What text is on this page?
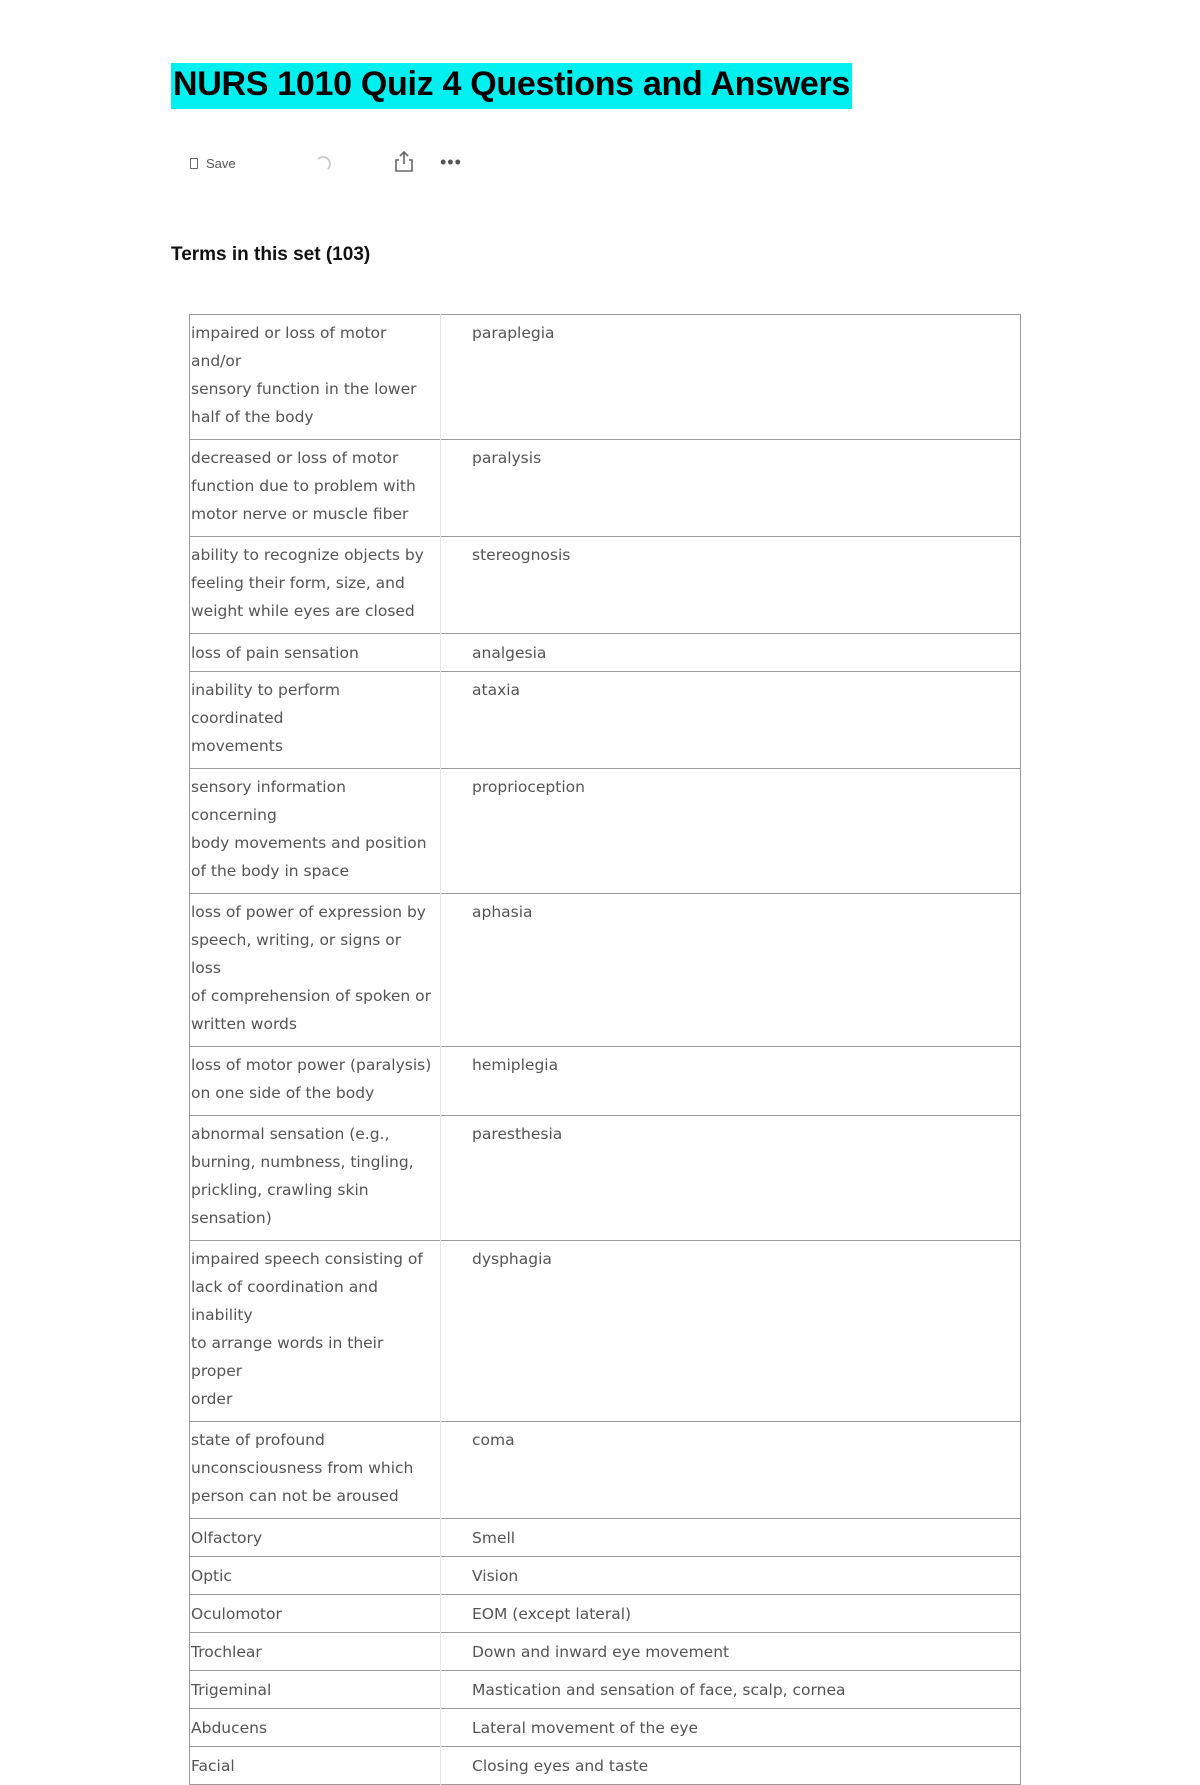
NURS 1010 Quiz 4 Questions and Answers
Save	•••
Terms in this set (103)
impaired or loss of motor and/or
sensory function in the lower
half of the body	paraplegia
decreased or loss of motor
function due to problem with
motor nerve or muscle fiber	paralysis
ability to recognize objects by
feeling their form, size, and
weight while eyes are closed	stereognosis
loss of pain sensation	analgesia
inability to perform coordinated
movements	ataxia
sensory information concerning
body movements and position
of the body in space	proprioception
loss of power of expression by
speech, writing, or signs or loss
of comprehension of spoken or
written words	aphasia
loss of motor power (paralysis)
on one side of the body	hemiplegia
abnormal sensation (e.g.,
burning, numbness, tingling,
prickling, crawling skin
sensation)	paresthesia
impaired speech consisting of
lack of coordination and inability
to arrange words in their proper
order	dysphagia
state of profound
unconsciousness from which
person can not be aroused	coma
Olfactory	Smell
Optic	Vision
Oculomotor	EOM (except lateral)
Trochlear	Down and inward eye movement
Trigeminal	Mastication and sensation of face, scalp, cornea
Abducens	Lateral movement of the eye
Facial	Closing eyes and taste
